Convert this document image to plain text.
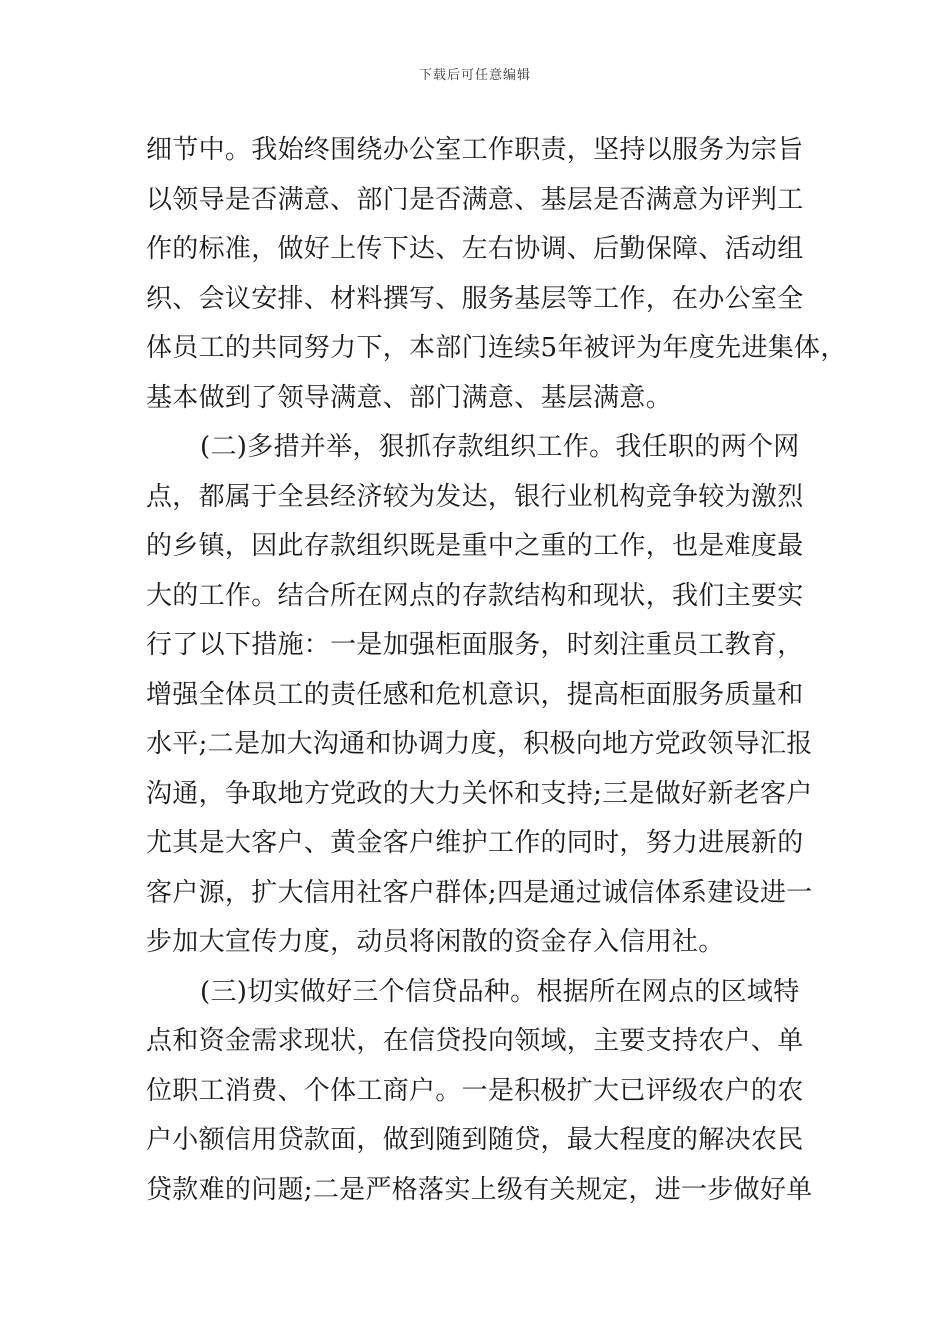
下载后可任意编辑
细节中。我始终围绕办公室工作职责，坚持以服务为宗旨
以领导是否满意、部门是否满意、基层是否满意为评判工
作的标准，做好上传下达、左右协调、后勤保障、活动组
织、会议安排、材料撰写、服务基层等工作，在办公室全
体员工的共同努力下，本部门连续5年被评为年度先进集体，
基本做到了领导满意、部门满意、基层满意。
(二)多措并举，狠抓存款组织工作。我任职的两个网
点，都属于全县经济较为发达，银行业机构竞争较为激烈
的乡镇，因此存款组织既是重中之重的工作，也是难度最
大的工作。结合所在网点的存款结构和现状，我们主要实
行了以下措施：一是加强柜面服务，时刻注重员工教育，
增强全体员工的责任感和危机意识，提高柜面服务质量和
水平;二是加大沟通和协调力度，积极向地方党政领导汇报
沟通，争取地方党政的大力关怀和支持;三是做好新老客户
尤其是大客户、黄金客户维护工作的同时，努力进展新的
客户源，扩大信用社客户群体;四是通过诚信体系建设进一
步加大宣传力度，动员将闲散的资金存入信用社。
(三)切实做好三个信贷品种。根据所在网点的区域特
点和资金需求现状，在信贷投向领域，主要支持农户、单
位职工消费、个体工商户。一是积极扩大已评级农户的农
户小额信用贷款面，做到随到随贷，最大程度的解决农民
贷款难的问题;二是严格落实上级有关规定，进一步做好单
